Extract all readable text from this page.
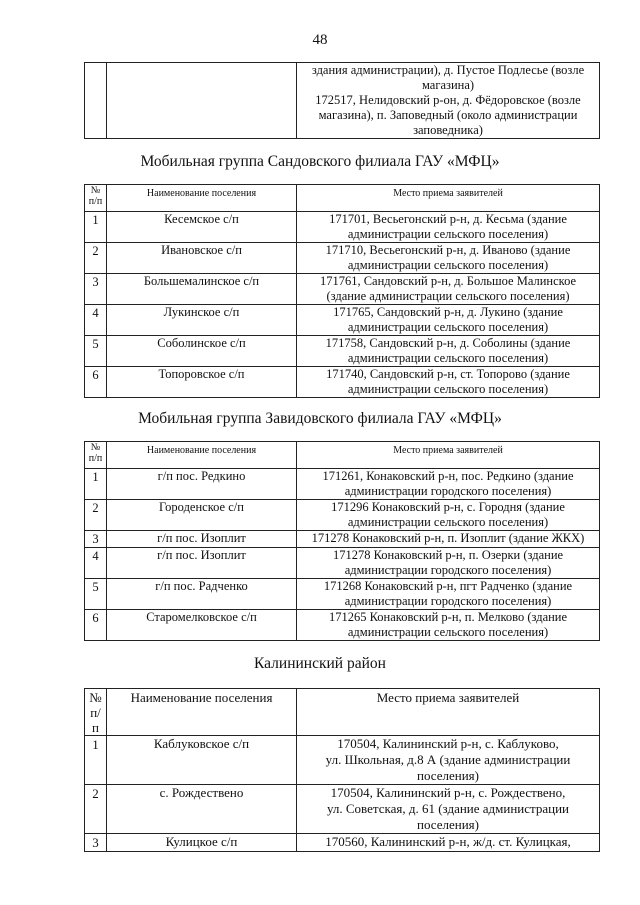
48

здания администрации), д. Пустое Подлесье (возле
магазина)
172517, Нелидовский р-он, д. Фёдоровское (возле
магазина), п. Заповедный (около администрации
заповедника)
Мобильная группа Сандовского филиала ГАУ «МФЦ»
№
п/п	Наименование поселения	Место приема заявителей
1	Кесемское с/п	171701, Весьегонский р-н, д. Кесьма (здание
администрации сельского поселения)

2	Ивановское с/п	171710, Весьегонский р-н, д. Иваново (здание
администрации сельского поселения)

3	Большемалинское с/п	171761, Сандовский р-н, д. Большое Малинское
(здание администрации сельского поселения)

4	Лукинское с/п	171765, Сандовский р-н, д. Лукино (здание
администрации сельского поселения)

5	Соболинское с/п	171758, Сандовский р-н, д. Соболины (здание
администрации сельского поселения)

6	Топоровское с/п	171740, Сандовский р-н, ст. Топорово (здание
администрации сельского поселения)
Мобильная группа Завидовского филиала ГАУ «МФЦ»
№
п/п	Наименование поселения	Место приема заявителей
1	г/п пос. Редкино	171261, Конаковский р-н, пос. Редкино (здание
администрации городского поселения)

2	Городенское с/п	171296 Конаковский р-н, с. Городня (здание
администрации сельского поселения)

3	г/п пос. Изоплит	171278 Конаковский р-н, п. Изоплит (здание ЖКХ)

4	г/п пос. Изоплит	171278 Конаковский р-н, п. Озерки (здание
администрации городского поселения)

5	г/п пос. Радченко	171268 Конаковский р-н, пгт Радченко (здание
администрации городского поселения)

6	Старомелковское с/п	171265 Конаковский р-н, п. Мелково (здание
администрации сельского поселения)
Калининский район
№
п/п	Наименование поселения	Место приема заявителей
1	Каблуковское с/п	170504, Калининский р-н, с. Каблуково,
ул. Школьная, д.8 А (здание администрации
поселения)

2	с. Рождествено	170504, Калининский р-н, с. Рождествено,
ул. Советская, д. 61 (здание администрации
поселения)

3	Кулицкое с/п	170560, Калининский р-н, ж/д. ст. Кулицкая,
